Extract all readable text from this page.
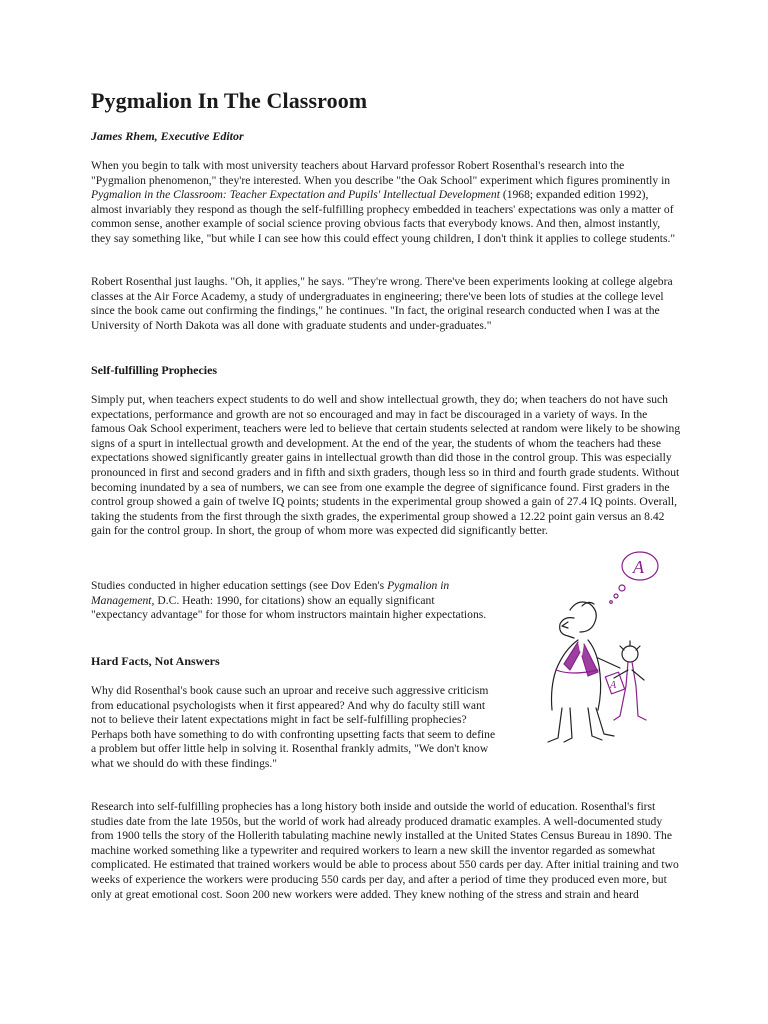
Pygmalion In The Classroom
James Rhem, Executive Editor

When you begin to talk with most university teachers about Harvard professor Robert Rosenthal's research into the "Pygmalion phenomenon," they're interested. When you describe "the Oak School" experiment which figures prominently in Pygmalion in the Classroom: Teacher Expectation and Pupils' Intellectual Development (1968; expanded edition 1992), almost invariably they respond as though the self-fulfilling prophecy embedded in teachers' expectations was only a matter of common sense, another example of social science proving obvious facts that everybody knows. And then, almost instantly, they say something like, "but while I can see how this could effect young children, I don't think it applies to college students."

Robert Rosenthal just laughs. "Oh, it applies," he says. "They're wrong. There've been experiments looking at college algebra classes at the Air Force Academy, a study of undergraduates in engineering; there've been lots of studies at the college level since the book came out confirming the findings," he continues. "In fact, the original research conducted when I was at the University of North Dakota was all done with graduate students and under-graduates."

Self-fulfilling Prophecies

Simply put, when teachers expect students to do well and show intellectual growth, they do; when teachers do not have such expectations, performance and growth are not so encouraged and may in fact be discouraged in a variety of ways. In the famous Oak School experiment, teachers were led to believe that certain students selected at random were likely to be showing signs of a spurt in intellectual growth and development. At the end of the year, the students of whom the teachers had these expectations showed significantly greater gains in intellectual growth than did those in the control group. This was especially pronounced in first and second graders and in fifth and sixth graders, though less so in third and fourth grade students. Without becoming inundated by a sea of numbers, we can see from one example the degree of significance found. First graders in the control group showed a gain of twelve IQ points; students in the experimental group showed a gain of 27.4 IQ points. Overall, taking the students from the first through the sixth grades, the experimental group showed a 12.22 point gain versus an 8.42 gain for the control group. In short, the group of whom more was expected did significantly better.

Studies conducted in higher education settings (see Dov Eden's Pygmalion in Management, D.C. Heath: 1990, for citations) show an equally significant "expectancy advantage" for those for whom instructors maintain higher expectations.

Hard Facts, Not Answers

Why did Rosenthal's book cause such an uproar and receive such aggressive criticism from educational psychologists when it first appeared? And why do faculty still want not to believe their latent expectations might in fact be self-fulfilling prophecies? Perhaps both have something to do with confronting upsetting facts that seem to define a problem but offer little help in solving it. Rosenthal frankly admits, "We don't know what we should do with these findings."

Research into self-fulfilling prophecies has a long history both inside and outside the world of education. Rosenthal's first studies date from the late 1950s, but the world of work had already produced dramatic examples. A well-documented study from 1900 tells the story of the Hollerith tabulating machine newly installed at the United States Census Bureau in 1890. The machine worked something like a typewriter and required workers to learn a new skill the inventor regarded as somewhat complicated. He estimated that trained workers would be able to process about 550 cards per day. After initial training and two weeks of experience the workers were producing 550 cards per day, and after a period of time they produced even more, but only at great emotional cost. Soon 200 new workers were added. They knew nothing of the stress and strain and heard

A
A
